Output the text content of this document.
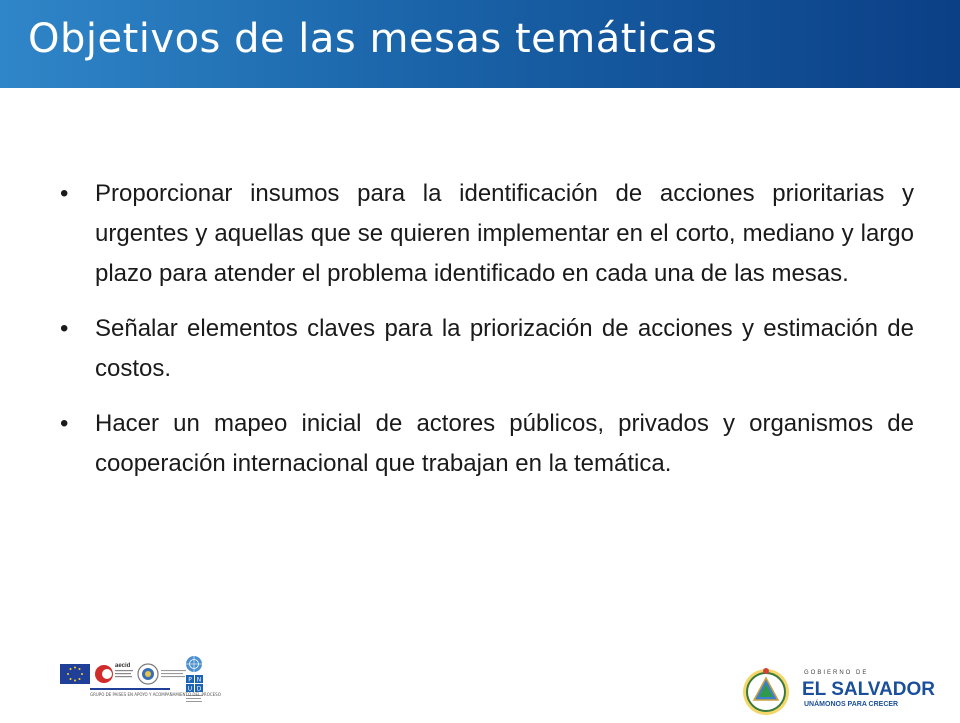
Objetivos de las mesas temáticas

• Proporcionar insumos para la identificación de acciones prioritarias y urgentes y aquellas que se quieren implementar en el corto, mediano y largo plazo para atender el problema identificado en cada una de las mesas.

• Señalar elementos claves para la priorización de acciones y estimación de costos.

• Hacer un mapeo inicial de actores públicos, privados y organismos de cooperación internacional que trabajan en la temática.

aecid
P N
U D
GRUPO DE PAISES EN APOYO Y ACOMPAÑAMIENTO DEL PROCESO
GOBIERNO DE
EL SALVADOR
UNÁMONOS PARA CRECER
